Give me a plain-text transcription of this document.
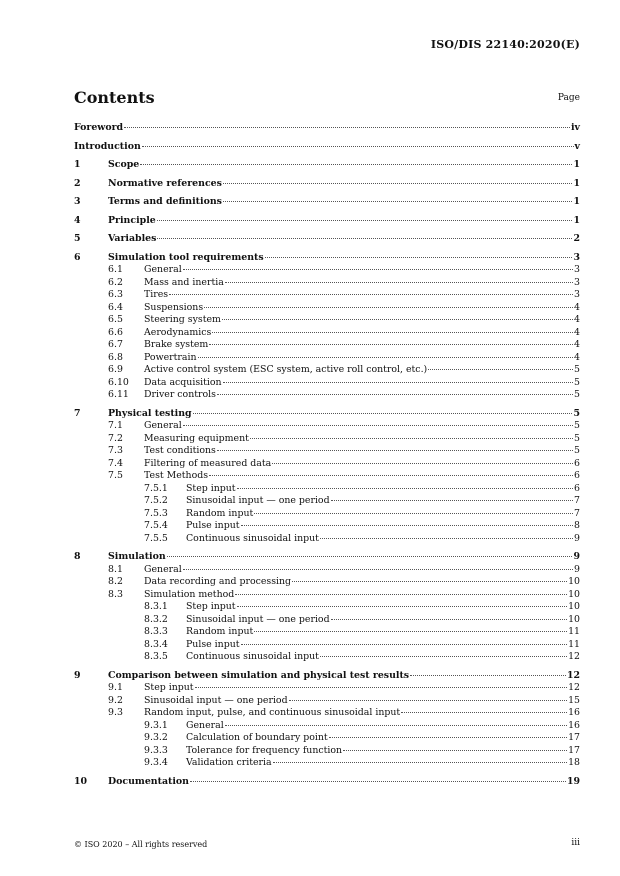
ISO/DIS 22140:2020(E)
Contents	Page
Foreword	iv
Introduction	v
1	Scope	1
2	Normative references	1
3	Terms and definitions	1
4	Principle	1
5	Variables	2
6	Simulation tool requirements	3
6.1	General	3
6.2	Mass and inertia	3
6.3	Tires	3
6.4	Suspensions	4
6.5	Steering system	4
6.6	Aerodynamics	4
6.7	Brake system	4
6.8	Powertrain	4
6.9	Active control system (ESC system, active roll control, etc.)	5
6.10	Data acquisition	5
6.11	Driver controls	5
7	Physical testing	5
7.1	General	5
7.2	Measuring equipment	5
7.3	Test conditions	5
7.4	Filtering of measured data	6
7.5	Test Methods	6
7.5.1	Step input	6
7.5.2	Sinusoidal input — one period	7
7.5.3	Random input	7
7.5.4	Pulse input	8
7.5.5	Continuous sinusoidal input	9
8	Simulation	9
8.1	General	9
8.2	Data recording and processing	10
8.3	Simulation method	10
8.3.1	Step input	10
8.3.2	Sinusoidal input — one period	10
8.3.3	Random input	11
8.3.4	Pulse input	11
8.3.5	Continuous sinusoidal input	12
9	Comparison between simulation and physical test results	12
9.1	Step input	12
9.2	Sinusoidal input — one period	15
9.3	Random input, pulse, and continuous sinusoidal input	16
9.3.1	General	16
9.3.2	Calculation of boundary point	17
9.3.3	Tolerance for frequency function	17
9.3.4	Validation criteria	18
10	Documentation	19
© ISO 2020 – All rights reserved	iii
